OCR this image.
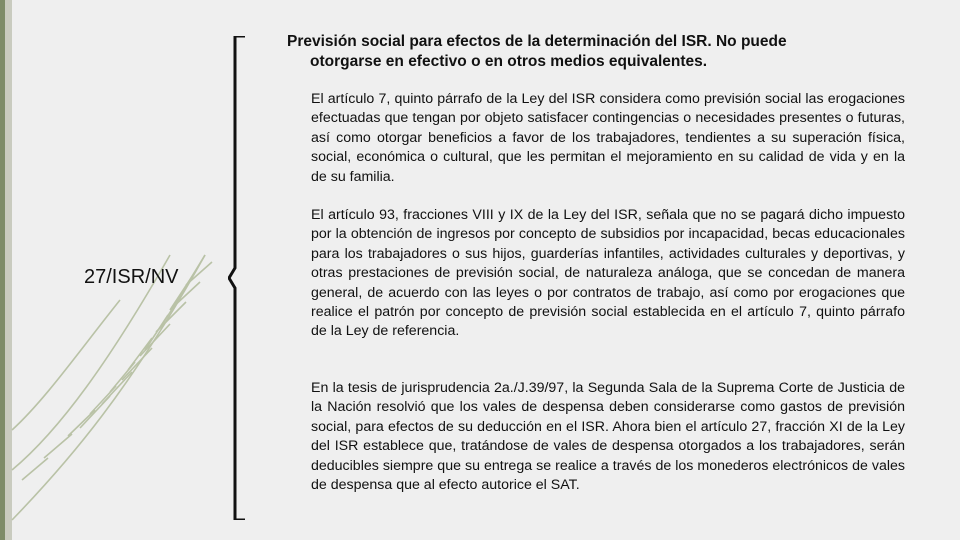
27/ISR/NV
Previsión social para efectos de la determinación del ISR. No puede
otorgarse en efectivo o en otros medios equivalentes.
El artículo 7, quinto párrafo de la Ley del ISR considera como previsión social las erogaciones efectuadas que tengan por objeto satisfacer contingencias o necesidades presentes o futuras, así como otorgar beneficios a favor de los trabajadores, tendientes a su superación física, social, económica o cultural, que les permitan el mejoramiento en su calidad de vida y en la de su familia.
El artículo 93, fracciones VIII y IX de la Ley del ISR, señala que no se pagará dicho impuesto por la obtención de ingresos por concepto de subsidios por incapacidad, becas educacionales para los trabajadores o sus hijos, guarderías infantiles, actividades culturales y deportivas, y otras prestaciones de previsión social, de naturaleza análoga, que se concedan de manera general, de acuerdo con las leyes o por contratos de trabajo, así como por erogaciones que realice el patrón por concepto de previsión social establecida en el artículo 7, quinto párrafo de la Ley de referencia.
En la tesis de jurisprudencia 2a./J.39/97, la Segunda Sala de la Suprema Corte de Justicia de la Nación resolvió que los vales de despensa deben considerarse como gastos de previsión social, para efectos de su deducción en el ISR. Ahora bien el artículo 27, fracción XI de la Ley del ISR establece que, tratándose de vales de despensa otorgados a los trabajadores, serán deducibles siempre que su entrega se realice a través de los monederos electrónicos de vales de despensa que al efecto autorice el SAT.
